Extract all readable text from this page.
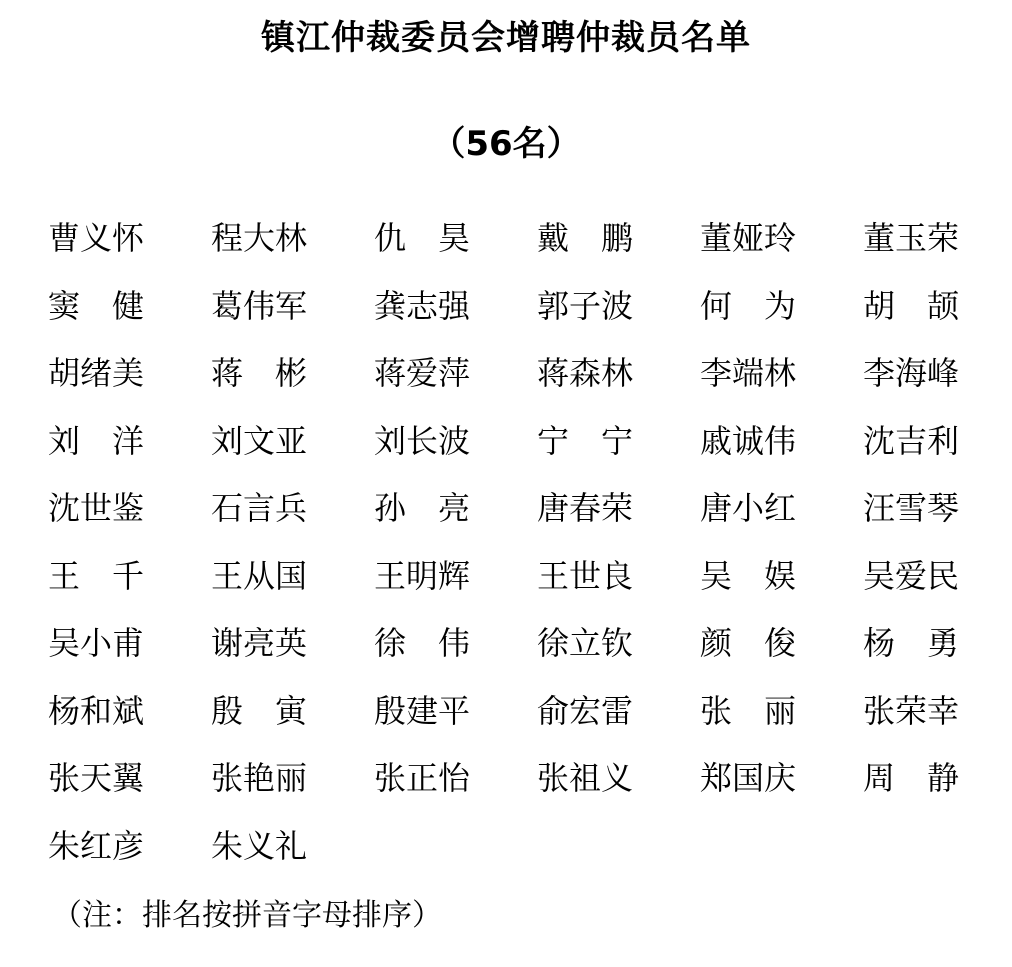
镇江仲裁委员会增聘仲裁员名单
（56名）
曹义怀	程大林	仇　昊	戴　鹏	董娅玲	董玉荣
窦　健	葛伟军	龚志强	郭子波	何　为	胡　颉
胡绪美	蒋　彬	蒋爱萍	蒋森林	李端林	李海峰
刘　洋	刘文亚	刘长波	宁　宁	戚诚伟	沈吉利
沈世鉴	石言兵	孙　亮	唐春荣	唐小红	汪雪琴
王　千	王从国	王明辉	王世良	吴　娱	吴爱民
吴小甫	谢亮英	徐　伟	徐立钦	颜　俊	杨　勇
杨和斌	殷　寅	殷建平	俞宏雷	张　丽	张荣幸
张天翼	张艳丽	张正怡	张祖义	郑国庆	周　静
朱红彦	朱义礼
（注：排名按拼音字母排序）
